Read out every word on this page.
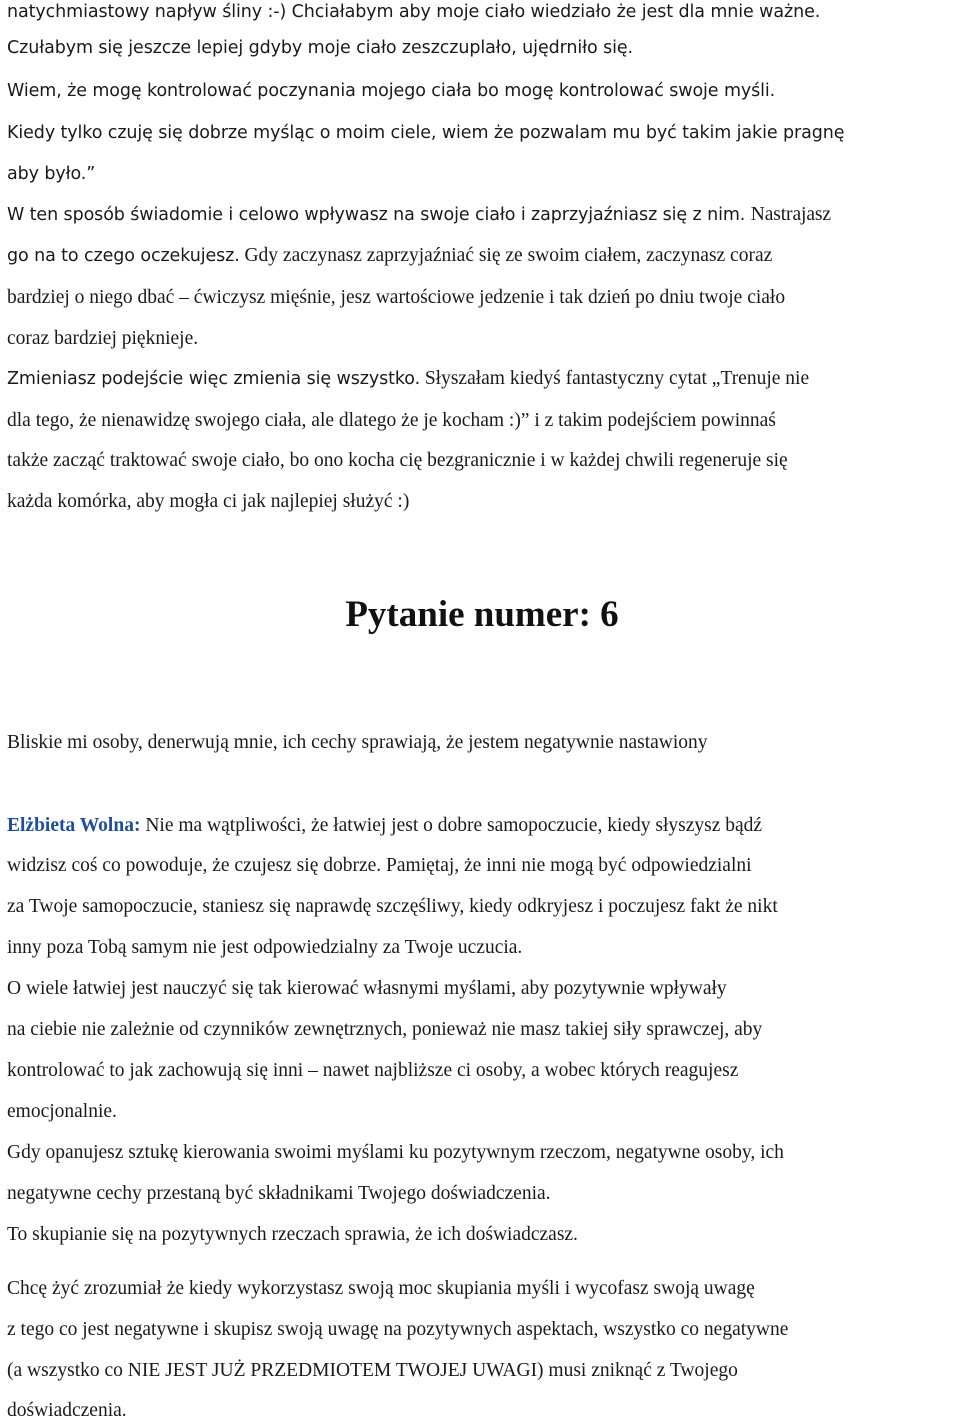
natychmiastowy napływ śliny :-) Chciałabym aby moje ciało wiedziało że jest dla mnie ważne.
Czułabym się jeszcze lepiej gdyby moje ciało zeszczuplało, ujędrniło się.
Wiem, że mogę kontrolować poczynania mojego ciała bo mogę kontrolować swoje myśli.
Kiedy tylko czuję się dobrze myśląc o moim ciele, wiem że pozwalam mu być takim jakie pragnę
aby było.”
W ten sposób świadomie i celowo wpływasz na swoje ciało i zaprzyjaźniasz się z nim. Nastrajasz
go na to czego oczekujesz. Gdy zaczynasz zaprzyjaźniać się ze swoim ciałem, zaczynasz coraz
bardziej o niego dbać – ćwiczysz mięśnie, jesz wartościowe jedzenie i tak dzień po dniu twoje ciało
coraz bardziej piękniеje.
Zmieniasz podejście więc zmienia się wszystko. Słyszałam kiedyś fantastyczny cytat „Trenuje nie
dla tego, że nienawidzę swojego ciała, ale dlatego że je kocham :)” i z takim podejściem powinnaś
także zacząć traktować swoje ciało, bo ono kocha cię bezgranicznie i w każdej chwili regeneruje się
każda komórka, aby mogła ci jak najlepiej służyć :)
Pytanie numer: 6
Bliskie mi osoby, denerwują mnie, ich cechy sprawiają, że jestem negatywnie nastawiony
Elżbieta Wolna: Nie ma wątpliwości, że łatwiej jest o dobre samopoczucie, kiedy słyszysz bądź
widzisz coś co powoduje, że czujesz się dobrze. Pamiętaj, że inni nie mogą być odpowiedzialni
za Twoje samopoczucie, staniesz się naprawdę szczęśliwy, kiedy odkryjesz i poczujesz fakt że nikt
inny poza Tobą samym nie jest odpowiedzialny za Twoje uczucia.
O wiele łatwiej jest nauczyć się tak kierować własnymi myślami, aby pozytywnie wpływały
na ciebie nie zależnie od czynników zewnętrznych, ponieważ nie masz takiej siły sprawczej, aby
kontrolować to jak zachowują się inni – nawet najbliższe ci osoby, a wobec których reagujesz
emocjonalnie.
Gdy opanujesz sztukę kierowania swoimi myślami ku pozytywnym rzeczom, negatywne osoby, ich
negatywne cechy przestaną być składnikami Twojego doświadczenia.
To skupianie się na pozytywnych rzeczach sprawia, że ich doświadczasz.
Chcę żyć zrozumiał że kiedy wykorzystasz swoją moc skupiania myśli i wycofasz swoją uwagę
z tego co jest negatywne i skupisz swoją uwagę na pozytywnych aspektach, wszystko co negatywne
(a wszystko co NIE JEST JUŻ PRZEDMIOTEM TWOJEJ UWAGI) musi zniknąć z Twojego
doświadczenia.
